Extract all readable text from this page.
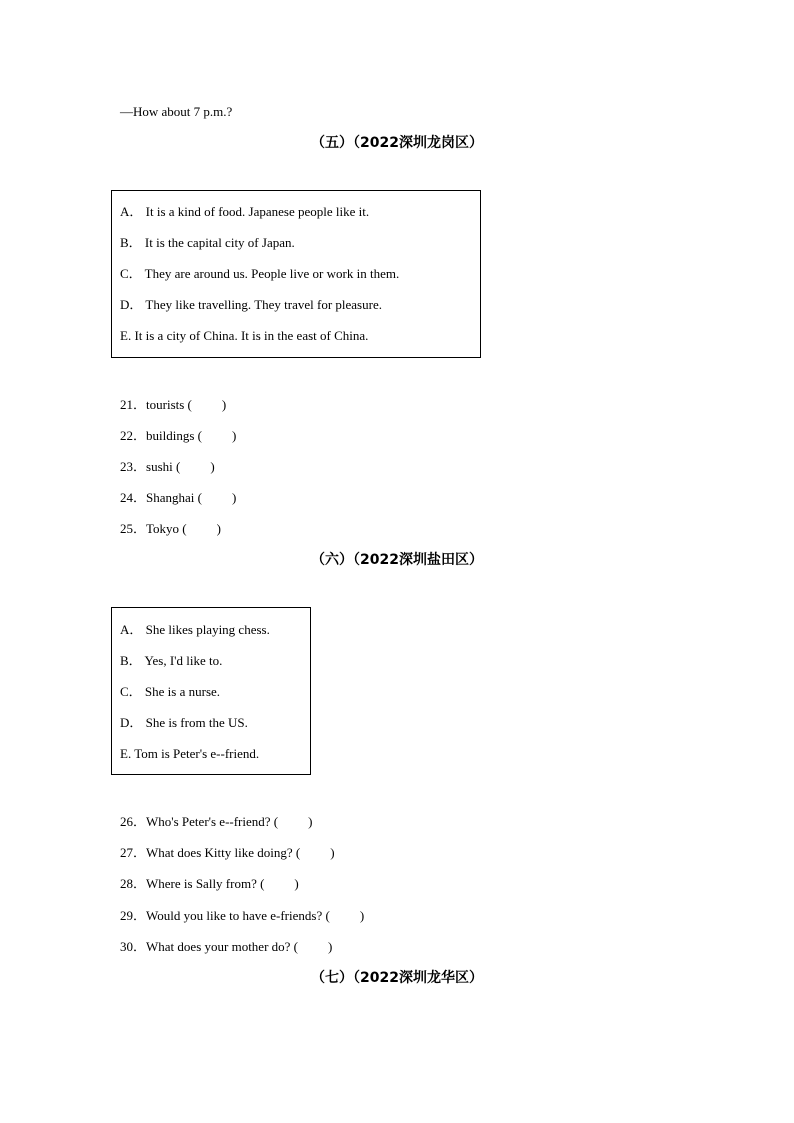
—How about 7 p.m.?
（五）（2022深圳龙岗区）
A． It is a kind of food. Japanese people like it.
B． It is the capital city of Japan.
C． They are around us. People live or work in them.
D． They like travelling. They travel for pleasure.
E. It is a city of China. It is in the east of China.
21．tourists ( )
22．buildings ( )
23．sushi ( )
24．Shanghai ( )
25．Tokyo ( )
（六）（2022深圳盐田区）
A． She likes playing chess.
B． Yes, I'd like to.
C． She is a nurse.
D． She is from the US.
E. Tom is Peter's e--friend.
26．Who's Peter's e--friend? ( )
27．What does Kitty like doing? ( )
28．Where is Sally from? ( )
29．Would you like to have e-friends? ( )
30．What does your mother do? ( )
（七）（2022深圳龙华区）
